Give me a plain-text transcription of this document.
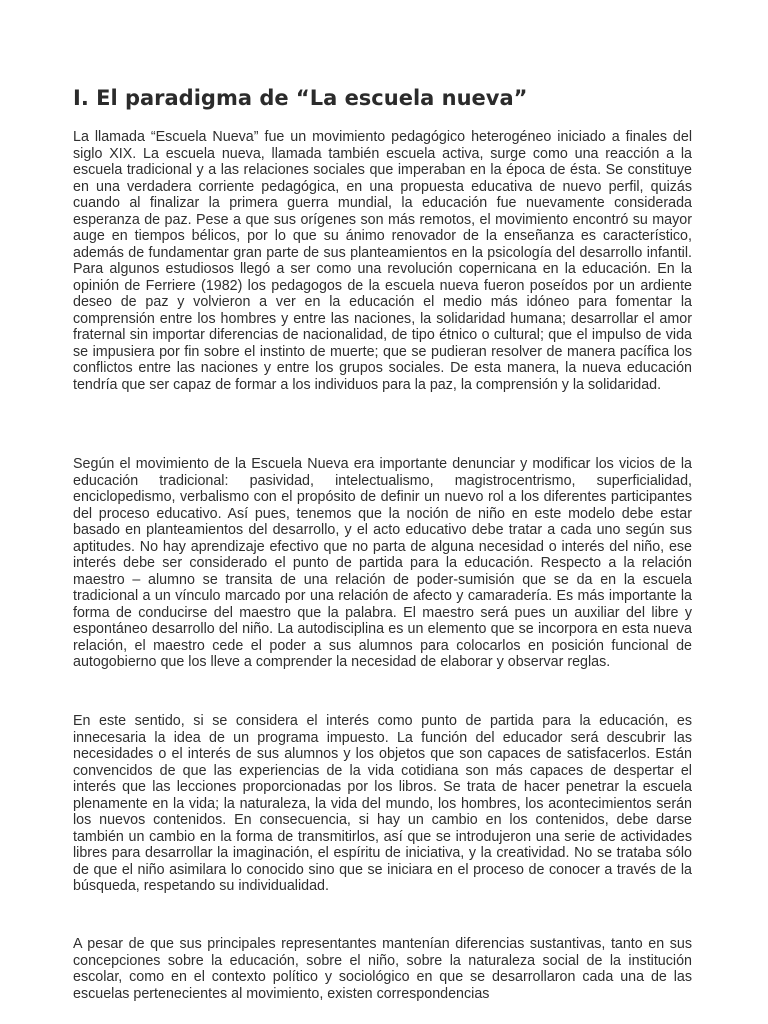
I. El paradigma de “La escuela nueva”

La llamada “Escuela Nueva” fue un movimiento pedagógico heterogéneo iniciado a finales del siglo XIX. La escuela nueva, llamada también escuela activa, surge como una reacción a la escuela tradicional y a las relaciones sociales que imperaban en la época de ésta. Se constituye en una verdadera corriente pedagógica, en una propuesta educativa de nuevo perfil, quizás cuando al finalizar la primera guerra mundial, la educación fue nuevamente considerada esperanza de paz. Pese a que sus orígenes son más remotos, el movimiento encontró su mayor auge en tiempos bélicos, por lo que su ánimo renovador de la enseñanza es característico, además de fundamentar gran parte de sus planteamientos en la psicología del desarrollo infantil. Para algunos estudiosos llegó a ser como una revolución copernicana en la educación. En la opinión de Ferriere (1982) los pedagogos de la escuela nueva fueron poseídos por un ardiente deseo de paz y volvieron a ver en la educación el medio más idóneo para fomentar la comprensión entre los hombres y entre las naciones, la solidaridad humana; desarrollar el amor fraternal sin importar diferencias de nacionalidad, de tipo étnico o cultural; que el impulso de vida se impusiera por fin sobre el instinto de muerte; que se pudieran resolver de manera pacífica los conflictos entre las naciones y entre los grupos sociales. De esta manera, la nueva educación tendría que ser capaz de formar a los individuos para la paz, la comprensión y la solidaridad.

Según el movimiento de la Escuela Nueva era importante denunciar y modificar los vicios de la educación tradicional: pasividad, intelectualismo, magistrocentrismo, superficialidad, enciclopedismo, verbalismo con el propósito de definir un nuevo rol a los diferentes participantes del proceso educativo. Así pues, tenemos que la noción de niño en este modelo debe estar basado en planteamientos del desarrollo, y el acto educativo debe tratar a cada uno según sus aptitudes. No hay aprendizaje efectivo que no parta de alguna necesidad o interés del niño, ese interés debe ser considerado el punto de partida para la educación. Respecto a la relación maestro – alumno se transita de una relación de poder-sumisión que se da en la escuela tradicional a un vínculo marcado por una relación de afecto y camaradería. Es más importante la forma de conducirse del maestro que la palabra. El maestro será pues un auxiliar del libre y espontáneo desarrollo del niño. La autodisciplina es un elemento que se incorpora en esta nueva relación, el maestro cede el poder a sus alumnos para colocarlos en posición funcional de autogobierno que los lleve a comprender la necesidad de elaborar y observar reglas.

En este sentido, si se considera el interés como punto de partida para la educación, es innecesaria la idea de un programa impuesto. La función del educador será descubrir las necesidades o el interés de sus alumnos y los objetos que son capaces de satisfacerlos. Están convencidos de que las experiencias de la vida cotidiana son más capaces de despertar el interés que las lecciones proporcionadas por los libros. Se trata de hacer penetrar la escuela plenamente en la vida; la naturaleza, la vida del mundo, los hombres, los acontecimientos serán los nuevos contenidos. En consecuencia, si hay un cambio en los contenidos, debe darse también un cambio en la forma de transmitirlos, así que se introdujeron una serie de actividades libres para desarrollar la imaginación, el espíritu de iniciativa, y la creatividad. No se trataba sólo de que el niño asimilara lo conocido sino que se iniciara en el proceso de conocer a través de la búsqueda, respetando su individualidad.

A pesar de que sus principales representantes mantenían diferencias sustantivas, tanto en sus concepciones sobre la educación, sobre el niño, sobre la naturaleza social de la institución escolar, como en el contexto político y sociológico en que se desarrollaron cada una de las escuelas pertenecientes al movimiento, existen correspondencias
